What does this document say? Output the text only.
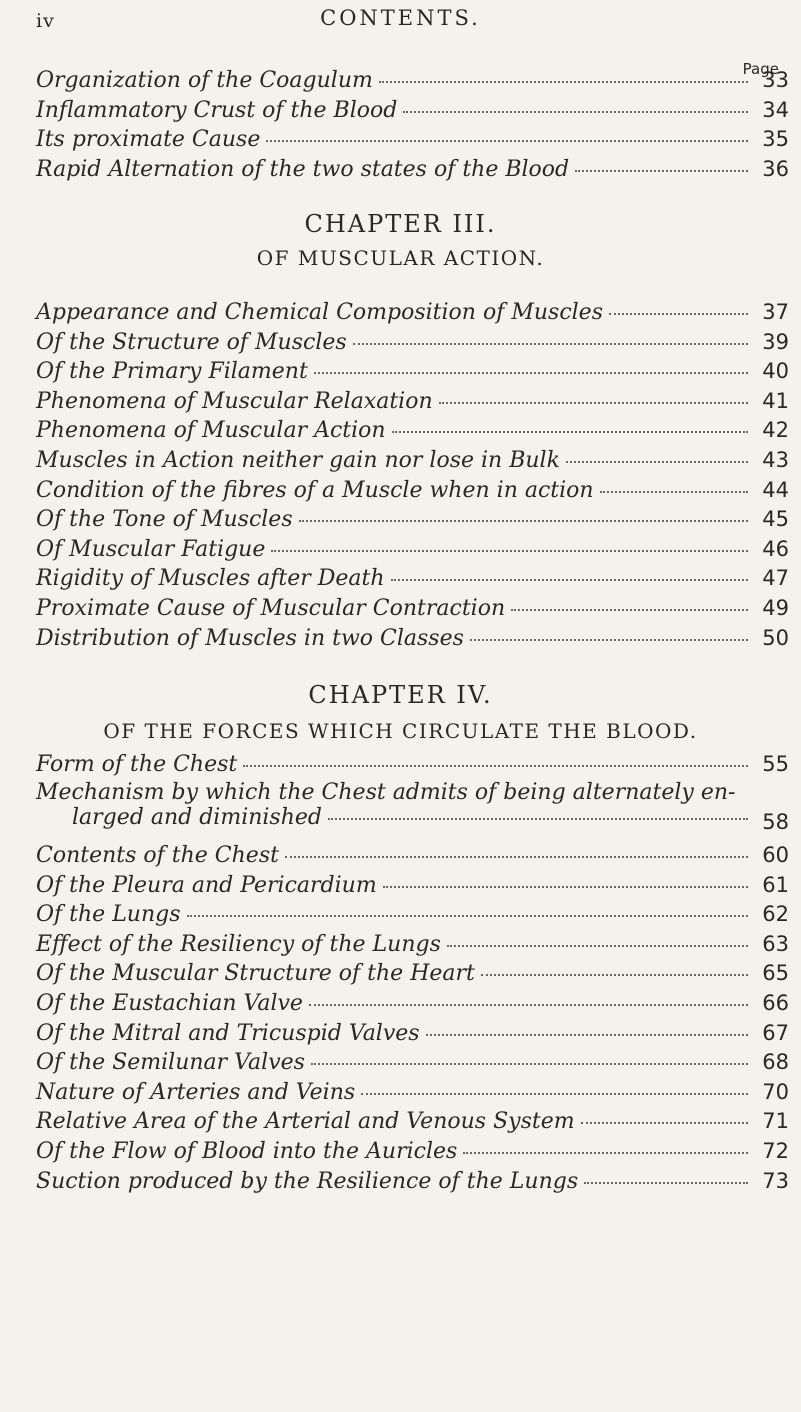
iv	CONTENTS.
Page
Organization of the Coagulum	33
Inflammatory Crust of the Blood	34
Its proximate Cause	35
Rapid Alternation of the two states of the Blood	36
CHAPTER III.
OF MUSCULAR ACTION.
Appearance and Chemical Composition of Muscles	37
Of the Structure of Muscles	39
Of the Primary Filament	40
Phenomena of Muscular Relaxation	41
Phenomena of Muscular Action	42
Muscles in Action neither gain nor lose in Bulk	43
Condition of the fibres of a Muscle when in action	44
Of the Tone of Muscles	45
Of Muscular Fatigue	46
Rigidity of Muscles after Death	47
Proximate Cause of Muscular Contraction	49
Distribution of Muscles in two Classes	50
CHAPTER IV.
OF THE FORCES WHICH CIRCULATE THE BLOOD.
Form of the Chest	55
Mechanism by which the Chest admits of being alternately en-
larged and diminished	58
Contents of the Chest	60
Of the Pleura and Pericardium	61
Of the Lungs	62
Effect of the Resiliency of the Lungs	63
Of the Muscular Structure of the Heart	65
Of the Eustachian Valve	66
Of the Mitral and Tricuspid Valves	67
Of the Semilunar Valves	68
Nature of Arteries and Veins	70
Relative Area of the Arterial and Venous System	71
Of the Flow of Blood into the Auricles	72
Suction produced by the Resilience of the Lungs	73
